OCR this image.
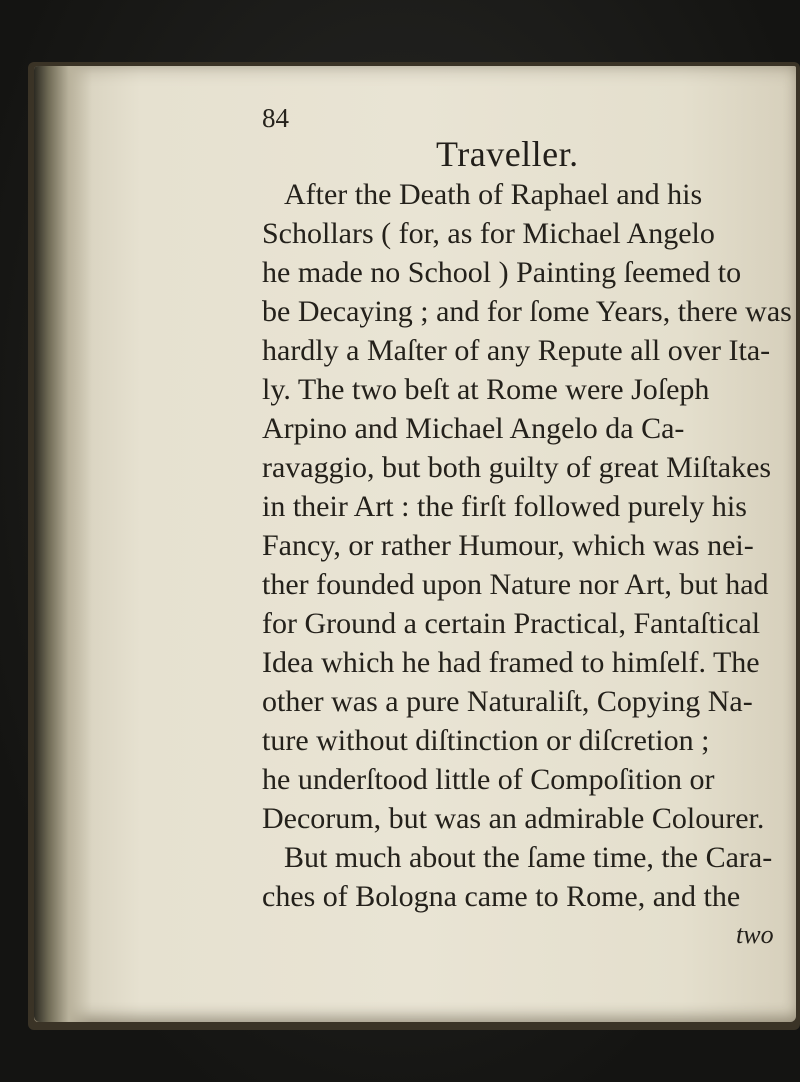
84
Traveller.
After the Death of Raphael and his
Schollars ( for, as for Michael Angelo
he made no School ) Painting ſeemed to
be Decaying ; and for ſome Years, there was
hardly a Maſter of any Repute all over Ita-
ly. The two beſt at Rome were Joſeph
Arpino and Michael Angelo da Ca-
ravaggio, but both guilty of great Miſtakes
in their Art : the firſt followed purely his
Fancy, or rather Humour, which was nei-
ther founded upon Nature nor Art, but had
for Ground a certain Practical, Fantaſtical
Idea which he had framed to himſelf. The
other was a pure Naturaliſt, Copying Na-
ture without diſtinction or diſcretion ;
he underſtood little of Compoſition or
Decorum, but was an admirable Colourer.
But much about the ſame time, the Cara-
ches of Bologna came to Rome, and the
two
